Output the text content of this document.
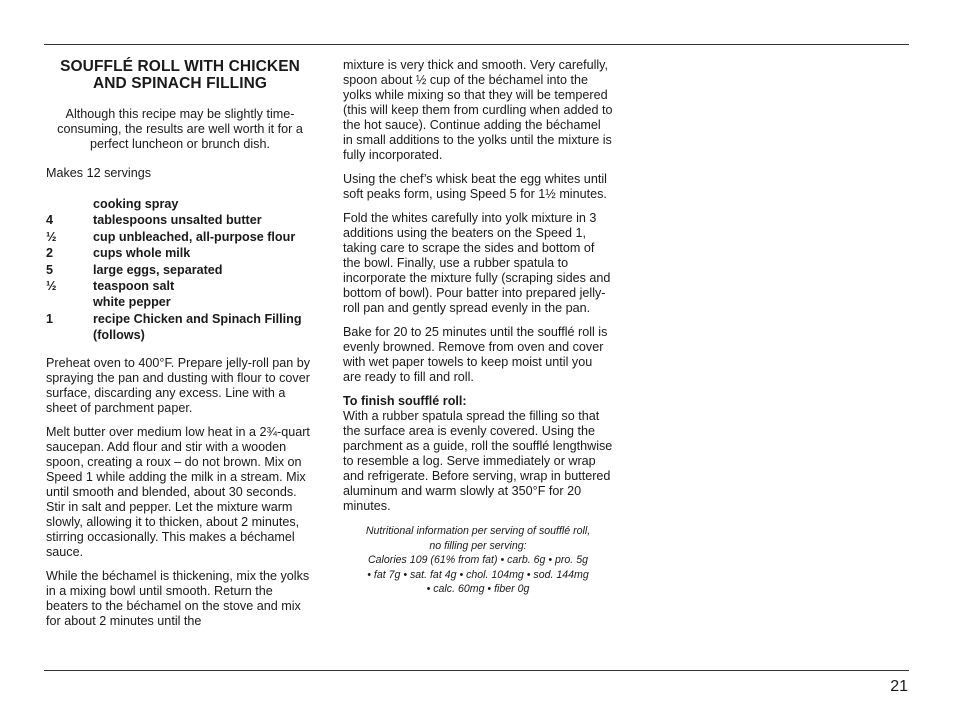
SOUFFLÉ ROLL WITH CHICKEN AND SPINACH FILLING

Although this recipe may be slightly time-consuming, the results are well worth it for a perfect luncheon or brunch dish.

Makes 12 servings

cooking spray
4	tablespoons unsalted butter
½	cup unbleached, all-purpose flour
2	cups whole milk
5	large eggs, separated
½	teaspoon salt
white pepper
1	recipe Chicken and Spinach Filling (follows)

Preheat oven to 400°F. Prepare jelly-roll pan by spraying the pan and dusting with flour to cover surface, discarding any excess. Line with a sheet of parchment paper.

Melt butter over medium low heat in a 2¾-quart saucepan. Add flour and stir with a wooden spoon, creating a roux – do not brown. Mix on Speed 1 while adding the milk in a stream. Mix until smooth and blended, about 30 seconds. Stir in salt and pepper. Let the mixture warm slowly, allowing it to thicken, about 2 minutes, stirring occasionally. This makes a béchamel sauce.

While the béchamel is thickening, mix the yolks in a mixing bowl until smooth. Return the beaters to the béchamel on the stove and mix for about 2 minutes until the

mixture is very thick and smooth. Very carefully, spoon about ½ cup of the béchamel into the yolks while mixing so that they will be tempered (this will keep them from curdling when added to the hot sauce). Continue adding the béchamel in small additions to the yolks until the mixture is fully incorporated.

Using the chef’s whisk beat the egg whites until soft peaks form, using Speed 5 for 1½ minutes.

Fold the whites carefully into yolk mixture in 3 additions using the beaters on the Speed 1, taking care to scrape the sides and bottom of the bowl. Finally, use a rubber spatula to incorporate the mixture fully (scraping sides and bottom of bowl). Pour batter into prepared jelly-roll pan and gently spread evenly in the pan.

Bake for 20 to 25 minutes until the soufflé roll is evenly browned. Remove from oven and cover with wet paper towels to keep moist until you are ready to fill and roll.

To finish soufflé roll:
With a rubber spatula spread the filling so that the surface area is evenly covered. Using the parchment as a guide, roll the soufflé lengthwise to resemble a log. Serve immediately or wrap and refrigerate. Before serving, wrap in buttered aluminum and warm slowly at 350°F for 20 minutes.

Nutritional information per serving of soufflé roll,
no filling per serving:
Calories 109 (61% from fat) • carb. 6g • pro. 5g
• fat 7g • sat. fat 4g • chol. 104mg • sod. 144mg
• calc. 60mg • fiber 0g
21
